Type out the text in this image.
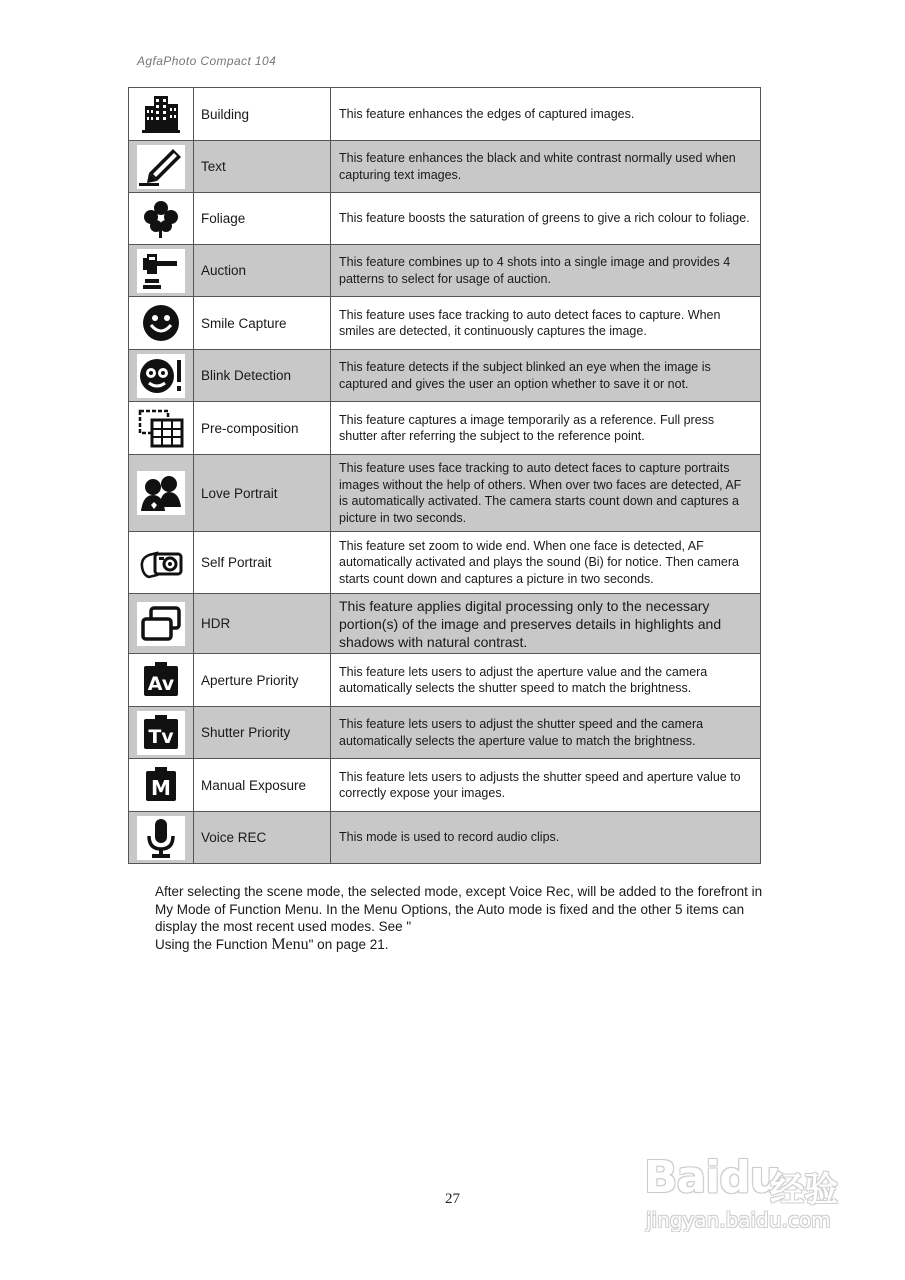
AgfaPhoto Compact 104
	Building	This feature enhances the edges of captured images.

	Text	This feature enhances the black and white contrast normally used when capturing text images.

	Foliage	This feature boosts the saturation of greens to give a rich colour to foliage.

	Auction	This feature combines up to 4 shots into a single image and provides 4 patterns to select for usage of auction.

	Smile Capture	This feature uses face tracking to auto detect faces to capture. When smiles are detected, it continuously captures the image.

	Blink Detection	This feature detects if the subject blinked an eye when the image is captured and gives the user an option whether to save it or not.

	Pre-composition	This feature captures a image temporarily as a reference. Full press shutter after referring the subject to the reference point.

	Love Portrait	This feature uses face tracking to auto detect faces to capture portraits images without the help of others. When over two faces are detected, AF is automatically activated. The camera starts count down and captures a picture in two seconds.

	Self Portrait	This feature set zoom to wide end. When one face is detected, AF automatically activated and plays the sound (Bi) for notice. Then camera starts count down and captures a picture in two seconds.

	HDR	This feature applies digital processing only to the necessary portion(s) of the image and preserves details in highlights and shadows with natural contrast.

Av	Aperture Priority	This feature lets users to adjust the aperture value and the camera automatically selects the shutter speed to match the brightness.

Tv	Shutter Priority	This feature lets users to adjust the shutter speed and the camera automatically selects the aperture value to match the brightness.

M	Manual Exposure	This feature lets users to adjusts the shutter speed and aperture value to correctly expose your images.

	Voice REC	This mode is used to record audio clips.

After selecting the scene mode, the selected mode, except Voice Rec, will be added to the forefront in My Mode of Function Menu. In the Menu Options, the Auto mode is fixed and the other 5 items can display the most recent used modes. See "

Using the Function Menu" on page 21.

27	Baidu
经验
jingyan.baidu.com
